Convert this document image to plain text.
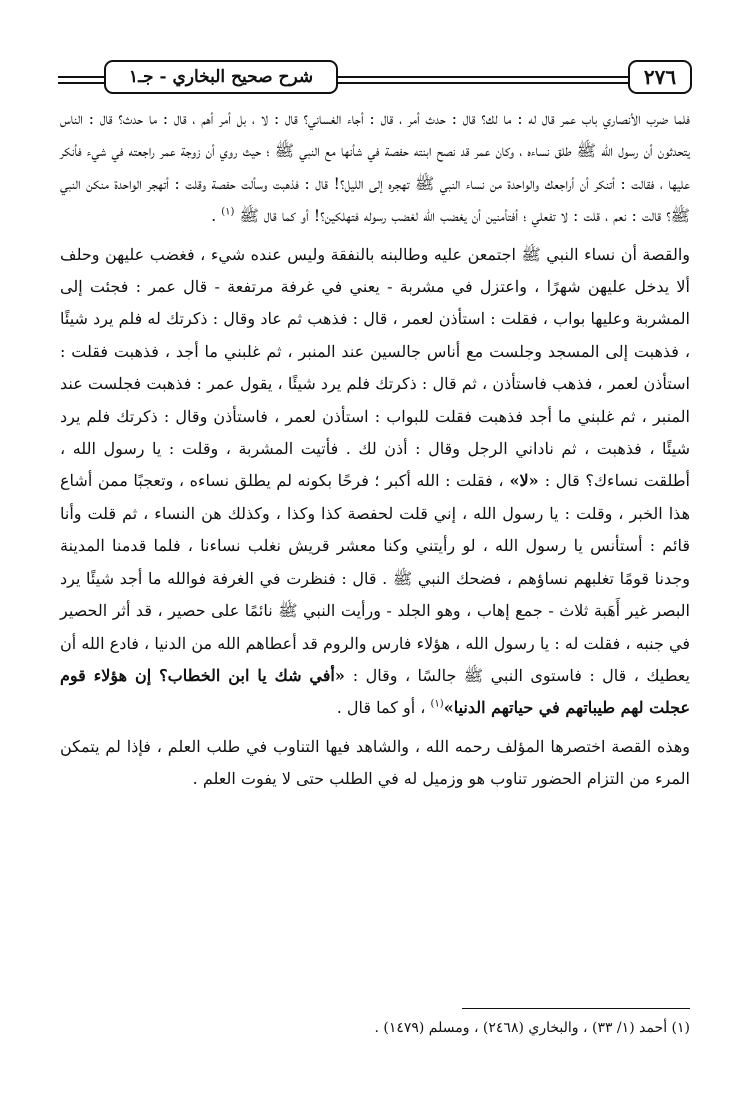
٢٧٦
شرح صحيح البخاري - جـ١

فلما ضرب الأنصاري باب عمر قال له : ما لك؟ قال : حدث أمر ، قال : أجاء الغساني؟ قال : لا ، بل أمر أهم ، قال : ما حدث؟ قال : الناس يتحدثون أن رسول الله ﷺ طلق نساءه ، وكان عمر قد نصح ابنته حفصة في شأنها مع النبي ﷺ ؛ حيث روي أن زوجة عمر راجعته في شيء فأنكر عليها ، فقالت : أتنكر أن أراجعك والواحدة من نساء النبي ﷺ تهجره إلى الليل؟! قال : فذهبت وسألت حفصة وقلت : أتهجر الواحدة منكن النبي ﷺ؟ قالت : نعم ، قلت : لا تفعلي ؛ أفتأمنين أن يغضب الله لغضب رسوله فتهلكين؟! أو كما قال ﷺ $^{(١)}$ .

والقصة أن نساء النبي ﷺ اجتمعن عليه وطالبنه بالنفقة وليس عنده شيء ، فغضب عليهن وحلف ألا يدخل عليهن شهرًا ، واعتزل في مشربة - يعني في غرفة مرتفعة - قال عمر : فجئت إلى المشربة وعليها بواب ، فقلت : استأذن لعمر ، قال : فذهب ثم عاد وقال : ذكرتك له فلم يرد شيئًا ، فذهبت إلى المسجد وجلست مع أناس جالسين عند المنبر ، ثم غلبني ما أجد ، فذهبت فقلت : استأذن لعمر ، فذهب فاستأذن ، ثم قال : ذكرتك فلم يرد شيئًا ، يقول عمر : فذهبت فجلست عند المنبر ، ثم غلبني ما أجد فذهبت فقلت للبواب : استأذن لعمر ، فاستأذن وقال : ذكرتك فلم يرد شيئًا ، فذهبت ، ثم ناداني الرجل وقال : أذن لك . فأتيت المشربة ، وقلت : يا رسول الله ، أطلقت نساءك؟ قال : «لا» ، فقلت : الله أكبر ؛ فرحًا بكونه لم يطلق نساءه ، وتعجبًا ممن أشاع هذا الخبر ، وقلت : يا رسول الله ، إني قلت لحفصة كذا وكذا ، وكذلك هن النساء ، ثم قلت وأنا قائم : أستأنس يا رسول الله ، لو رأيتني وكنا معشر قريش نغلب نساءنا ، فلما قدمنا المدينة وجدنا قومًا تغلبهم نساؤهم ، فضحك النبي ﷺ . قال : فنظرت في الغرفة فوالله ما أجد شيئًا يرد البصر غير أَهَبة ثلاث - جمع إهاب ، وهو الجلد - ورأيت النبي ﷺ نائمًا على حصير ، قد أثر الحصير في جنبه ، فقلت له : يا رسول الله ، هؤلاء فارس والروم قد أعطاهم الله من الدنيا ، فادع الله أن يعطيك ، قال : فاستوى النبي ﷺ جالسًا ، وقال : «أفي شك يا ابن الخطاب؟ إن هؤلاء قوم عجلت لهم طيباتهم في حياتهم الدنيا»$^{(١)}$ ، أو كما قال .

وهذه القصة اختصرها المؤلف رحمه الله ، والشاهد فيها التناوب في طلب العلم ، فإذا لم يتمكن المرء من التزام الحضور تناوب هو وزميل له في الطلب حتى لا يفوت العلم .

(١) أحمد (١/ ٣٣) ، والبخاري (٢٤٦٨) ، ومسلم (١٤٧٩) .
